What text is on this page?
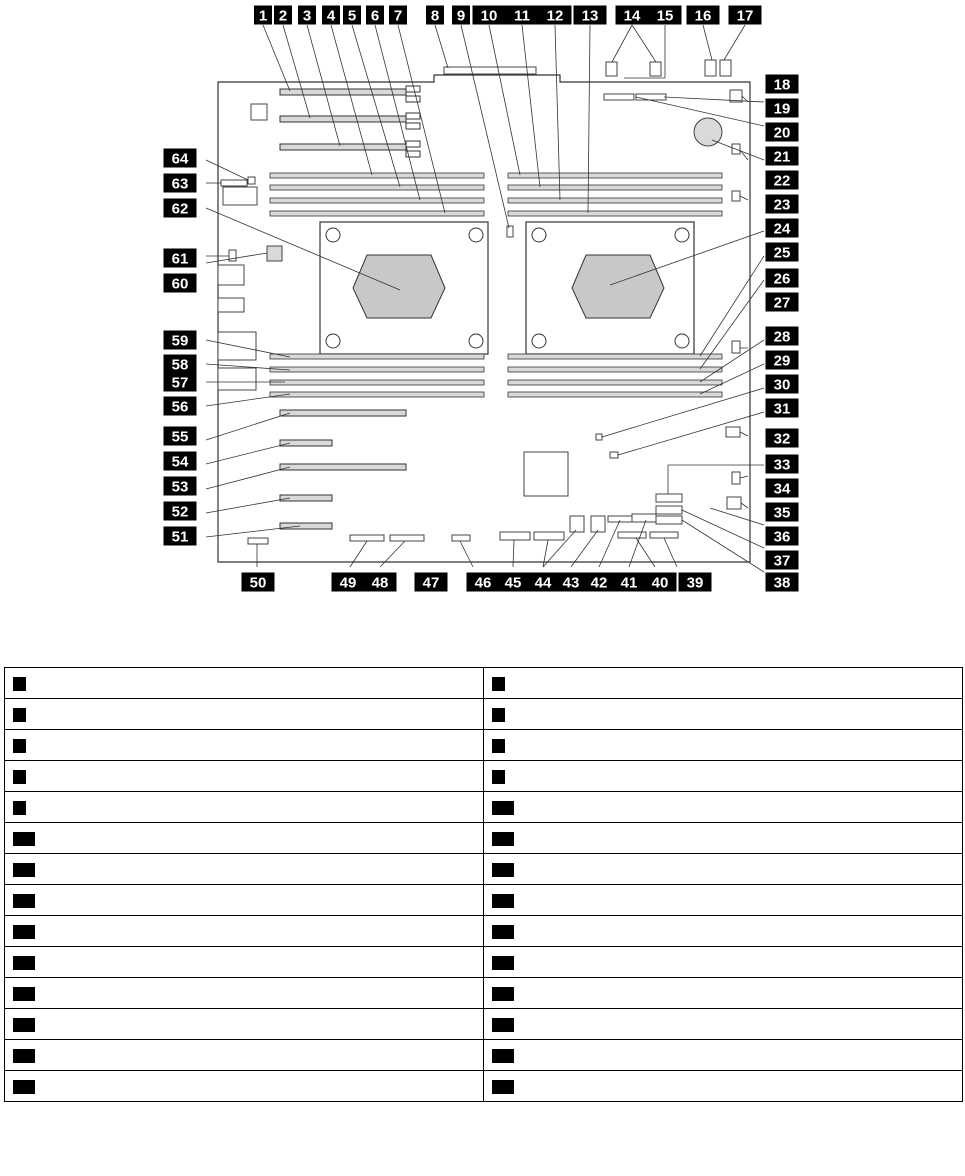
1 2 3 4 5 6 7 8 9 10 11 12 13 14 15 16 17
18
19
20
21
22
23
24
25
26
27
28
29
30
31
32
33
34
35
36
37
38
39
40
41
42
43
44
45
46
47
48
49
50
51
52
53
54
55
56
57
58
59
60
61
62
63
64
1	2
3	4
5	6
7	8
9	10
11	12
13	14
15	16
17	18
19	20
21	22
23	24
25	26
27	28
